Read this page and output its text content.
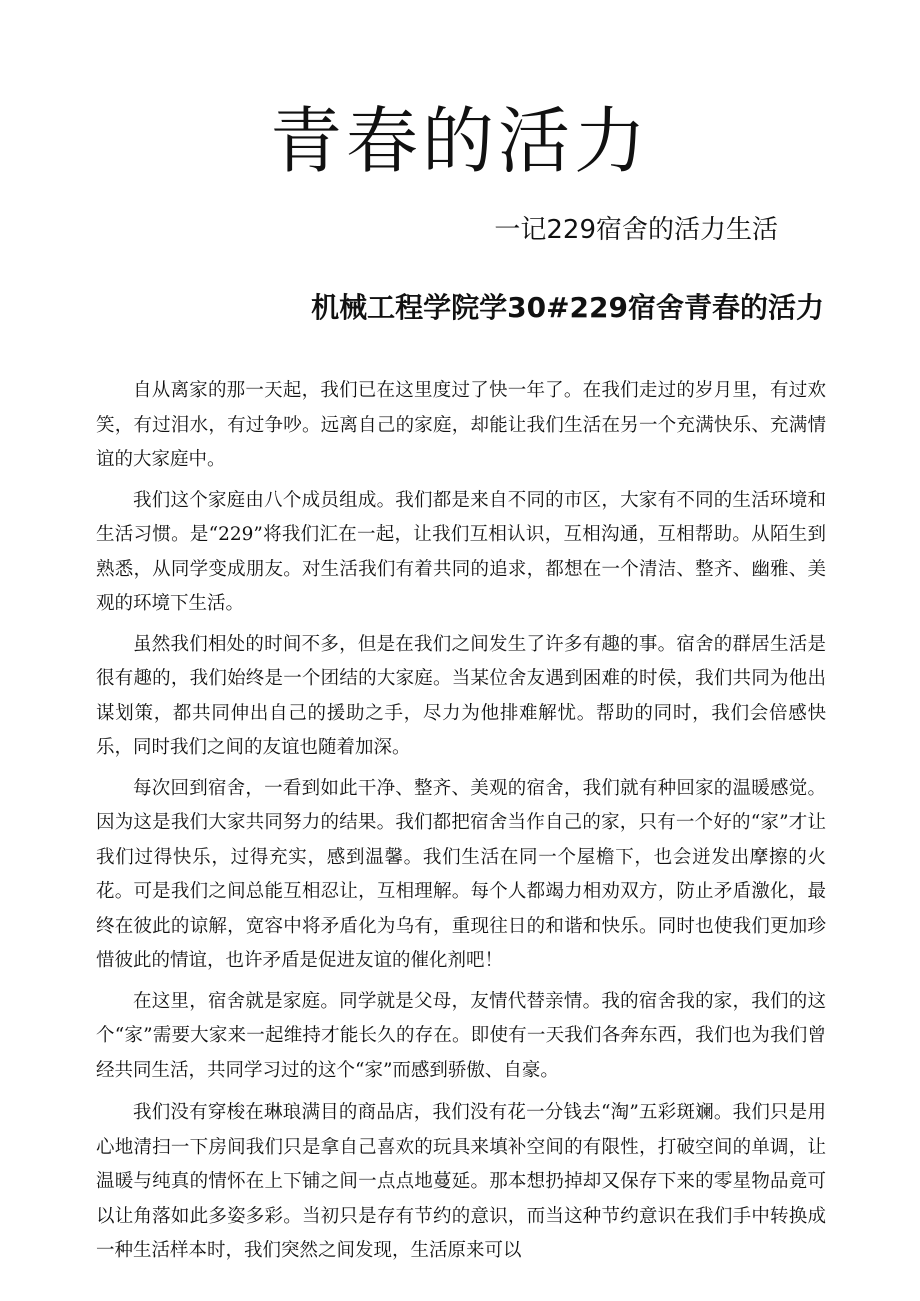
青春的活力

一记229宿舍的活力生活

机械工程学院学30#229宿舍青春的活力

自从离家的那一天起，我们已在这里度过了快一年了。在我们走过的岁月里，有过欢笑，有过泪水，有过争吵。远离自己的家庭，却能让我们生活在另一个充满快乐、充满情谊的大家庭中。

我们这个家庭由八个成员组成。我们都是来自不同的市区，大家有不同的生活环境和生活习惯。是“229”将我们汇在一起，让我们互相认识，互相沟通，互相帮助。从陌生到熟悉，从同学变成朋友。对生活我们有着共同的追求，都想在一个清洁、整齐、幽雅、美观的环境下生活。

虽然我们相处的时间不多，但是在我们之间发生了许多有趣的事。宿舍的群居生活是很有趣的，我们始终是一个团结的大家庭。当某位舍友遇到困难的时侯，我们共同为他出谋划策，都共同伸出自己的援助之手，尽力为他排难解忧。帮助的同时，我们会倍感快乐，同时我们之间的友谊也随着加深。

每次回到宿舍，一看到如此干净、整齐、美观的宿舍，我们就有种回家的温暖感觉。因为这是我们大家共同努力的结果。我们都把宿舍当作自己的家，只有一个好的“家”才让我们过得快乐，过得充实，感到温馨。我们生活在同一个屋檐下，也会迸发出摩擦的火花。可是我们之间总能互相忍让，互相理解。每个人都竭力相劝双方，防止矛盾激化，最终在彼此的谅解，宽容中将矛盾化为乌有，重现往日的和谐和快乐。同时也使我们更加珍惜彼此的情谊，也许矛盾是促进友谊的催化剂吧！

在这里，宿舍就是家庭。同学就是父母，友情代替亲情。我的宿舍我的家，我们的这个“家”需要大家来一起维持才能长久的存在。即使有一天我们各奔东西，我们也为我们曾经共同生活，共同学习过的这个“家”而感到骄傲、自豪。

我们没有穿梭在琳琅满目的商品店，我们没有花一分钱去“淘”五彩斑斓。我们只是用心地清扫一下房间我们只是拿自己喜欢的玩具来填补空间的有限性，打破空间的单调，让温暖与纯真的情怀在上下铺之间一点点地蔓延。那本想扔掉却又保存下来的零星物品竟可以让角落如此多姿多彩。当初只是存有节约的意识，而当这种节约意识在我们手中转换成一种生活样本时，我们突然之间发现，生活原来可以
